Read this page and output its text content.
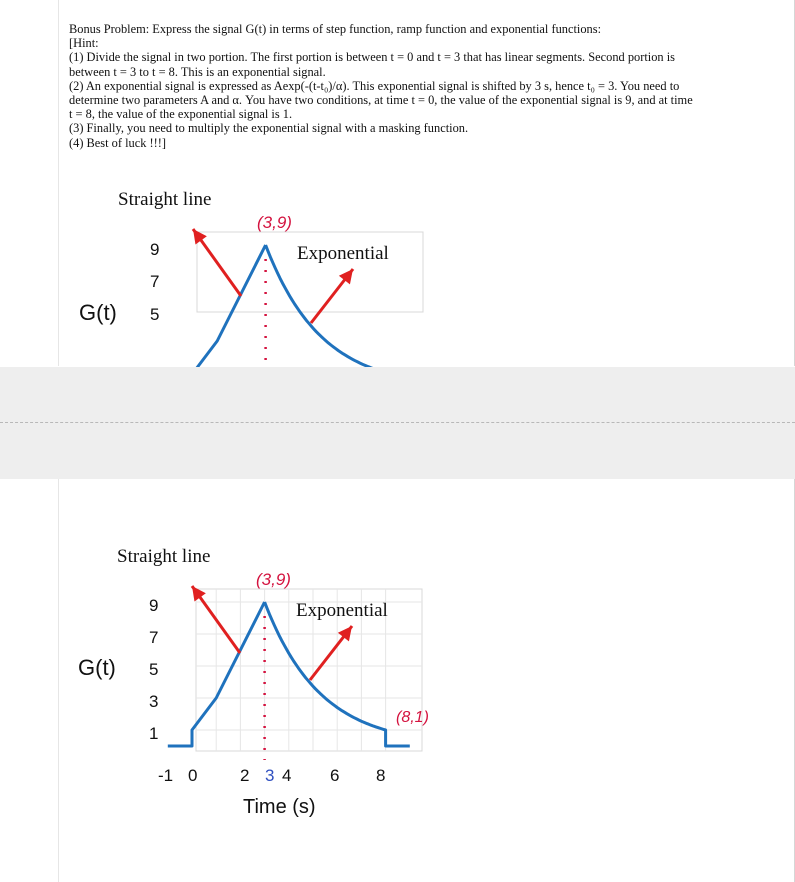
Bonus Problem: Express the signal G(t) in terms of step function, ramp function and exponential functions:
[Hint:
(1) Divide the signal in two portion. The first portion is between t = 0 and t = 3 that has linear segments. Second portion is
between t = 3 to t = 8. This is an exponential signal.
(2) An exponential signal is expressed as Aexp(-(t-t₀)/α). This exponential signal is shifted by 3 s, hence t₀ = 3. You need to
determine two parameters A and α. You have two conditions, at time t = 0, the value of the exponential signal is 9, and at time
t = 8, the value of the exponential signal is 1.
(3) Finally, you need to multiply the exponential signal with a masking function.
(4) Best of luck !!!]
Straight line
(3,9)
Exponential
9
7
G(t) 5
Straight line
(3,9)
Exponential
(8,1)
G(t)
9
7
5
3
1
-1 0	2 4 6 8
3
Time (s)
